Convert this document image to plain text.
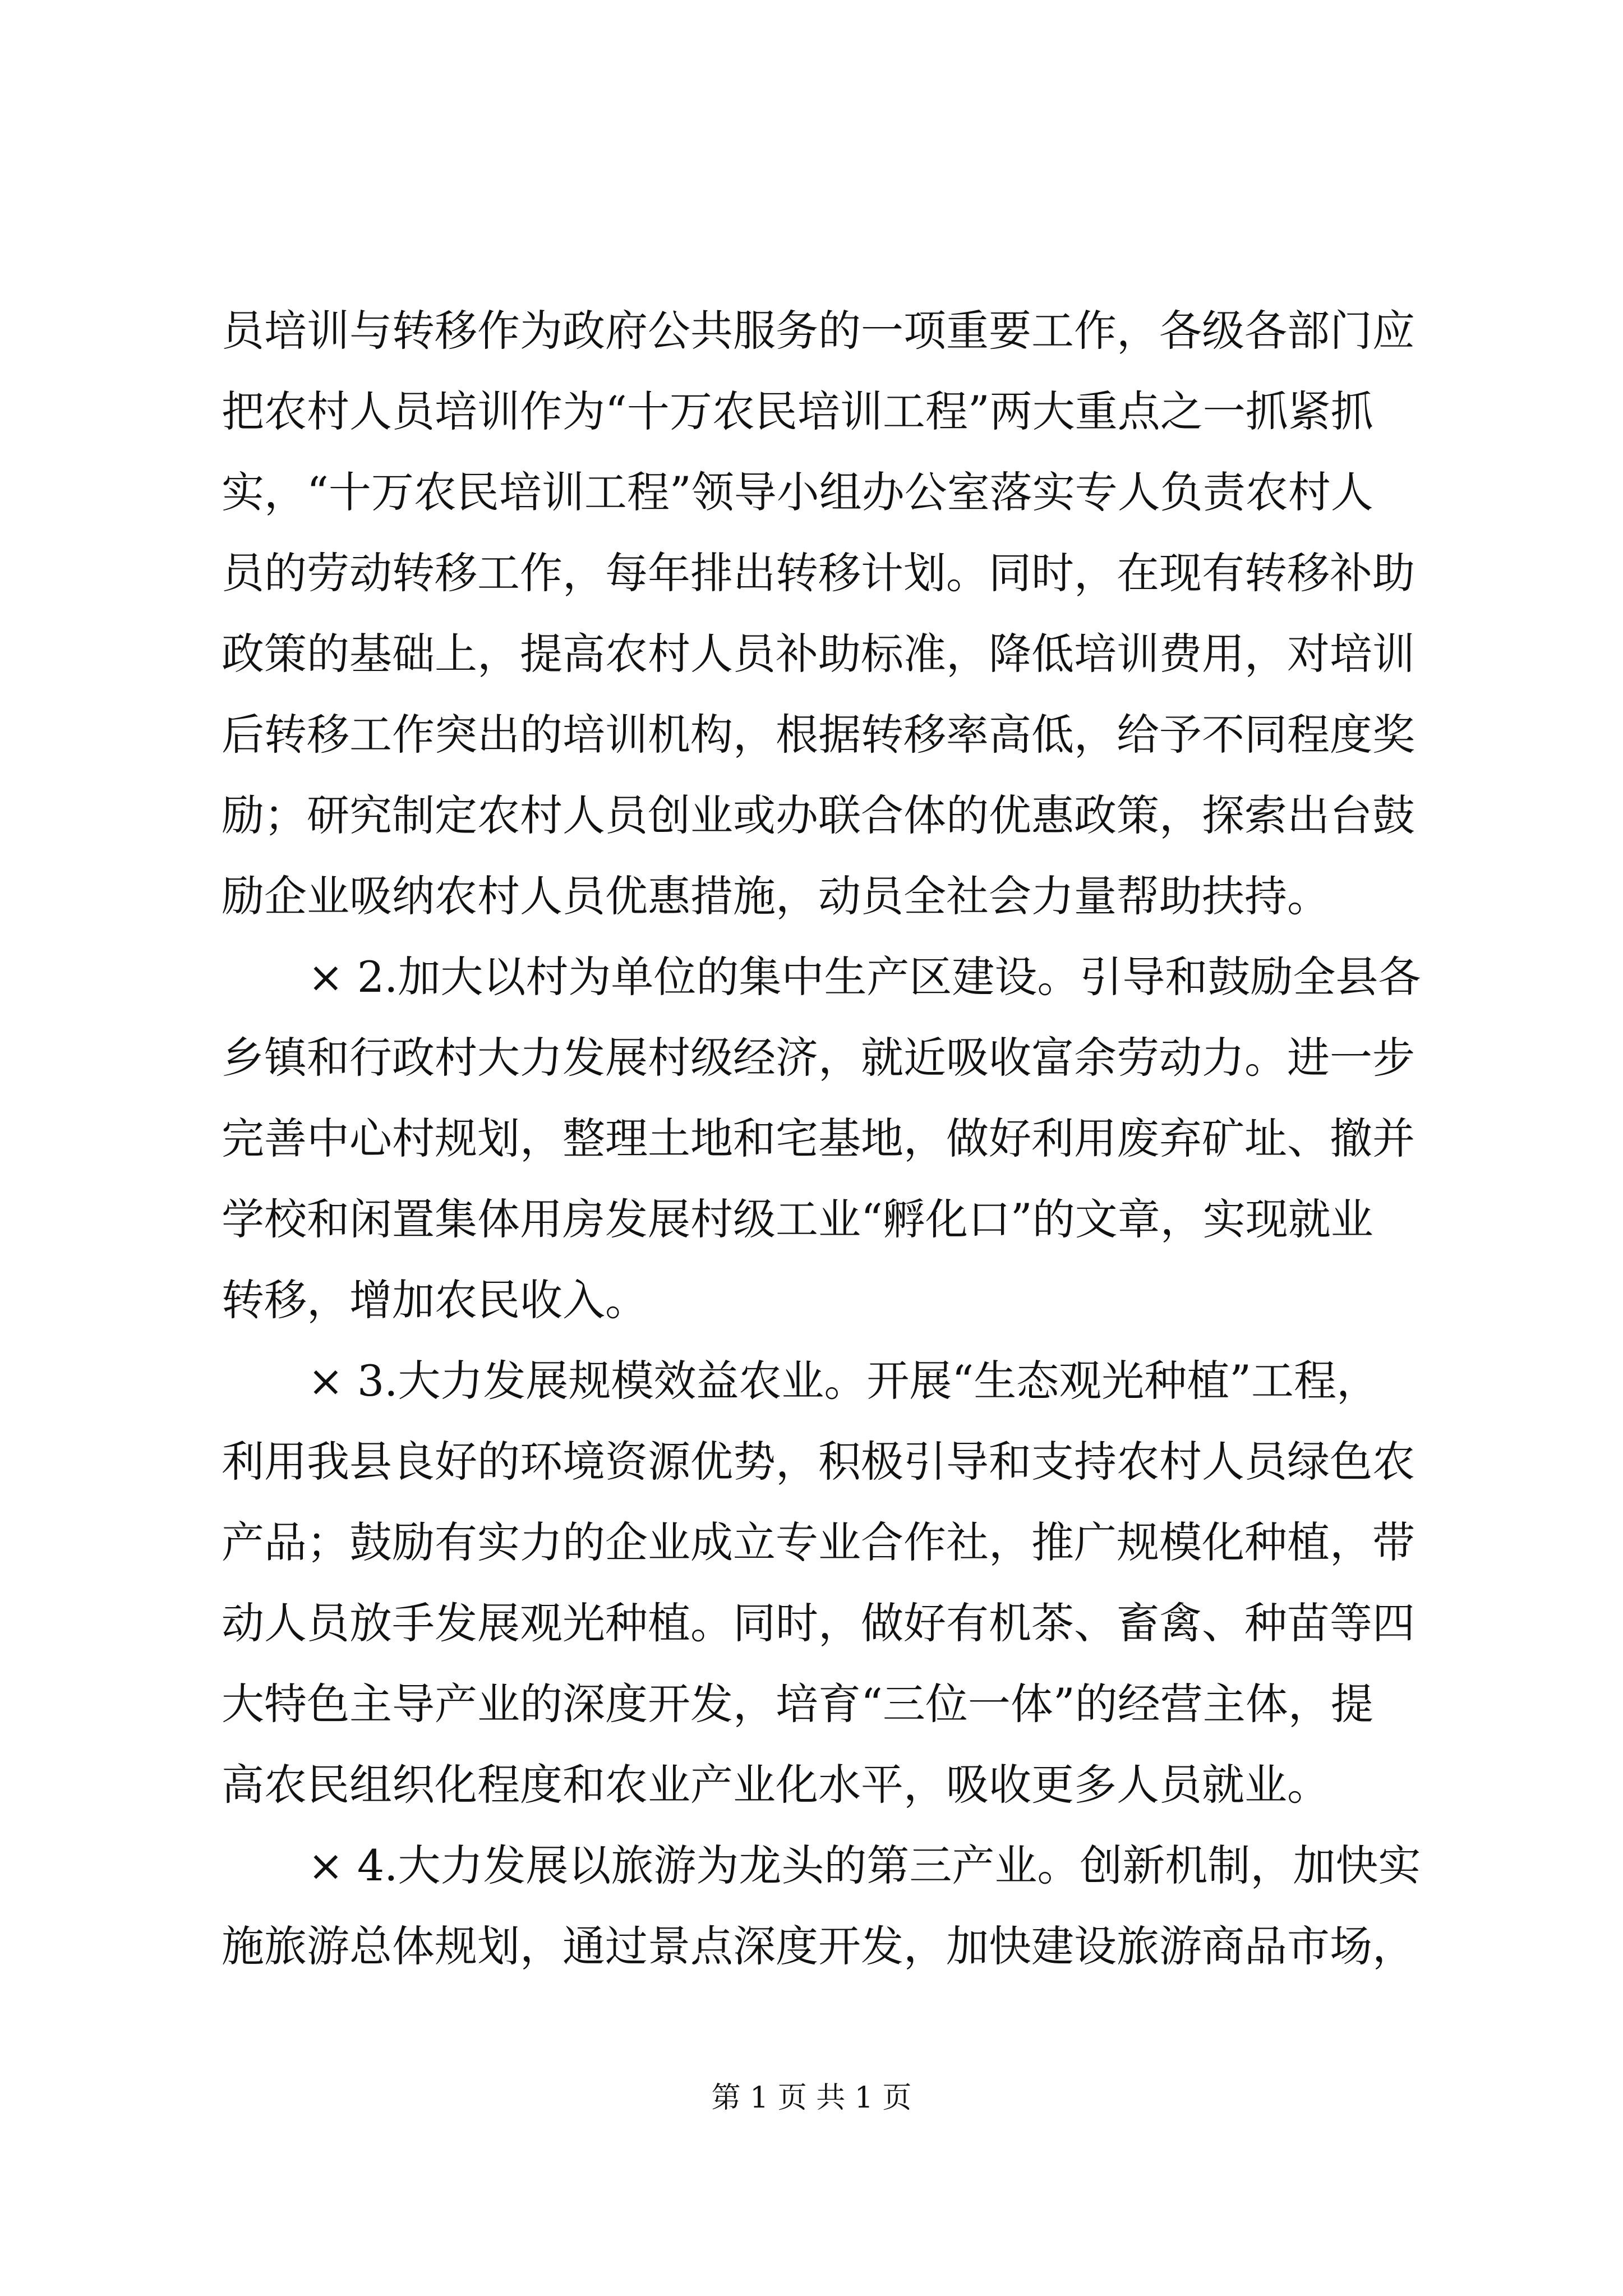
员培训与转移作为政府公共服务的一项重要工作，各级各部门应
把农村人员培训作为“十万农民培训工程”两大重点之一抓紧抓
实，“十万农民培训工程”领导小组办公室落实专人负责农村人
员的劳动转移工作，每年排出转移计划。同时，在现有转移补助
政策的基础上，提高农村人员补助标准，降低培训费用，对培训
后转移工作突出的培训机构，根据转移率高低，给予不同程度奖
励；研究制定农村人员创业或办联合体的优惠政策，探索出台鼓
励企业吸纳农村人员优惠措施，动员全社会力量帮助扶持。
× 2.加大以村为单位的集中生产区建设。引导和鼓励全县各
乡镇和行政村大力发展村级经济，就近吸收富余劳动力。进一步
完善中心村规划，整理土地和宅基地，做好利用废弃矿址、撤并
学校和闲置集体用房发展村级工业“孵化口”的文章，实现就业
转移，增加农民收入。
× 3.大力发展规模效益农业。开展“生态观光种植”工程，
利用我县良好的环境资源优势，积极引导和支持农村人员绿色农
产品；鼓励有实力的企业成立专业合作社，推广规模化种植，带
动人员放手发展观光种植。同时，做好有机茶、畜禽、种苗等四
大特色主导产业的深度开发，培育“三位一体”的经营主体，提
高农民组织化程度和农业产业化水平，吸收更多人员就业。
× 4.大力发展以旅游为龙头的第三产业。创新机制，加快实
施旅游总体规划，通过景点深度开发，加快建设旅游商品市场，
第 1 页 共 1 页
